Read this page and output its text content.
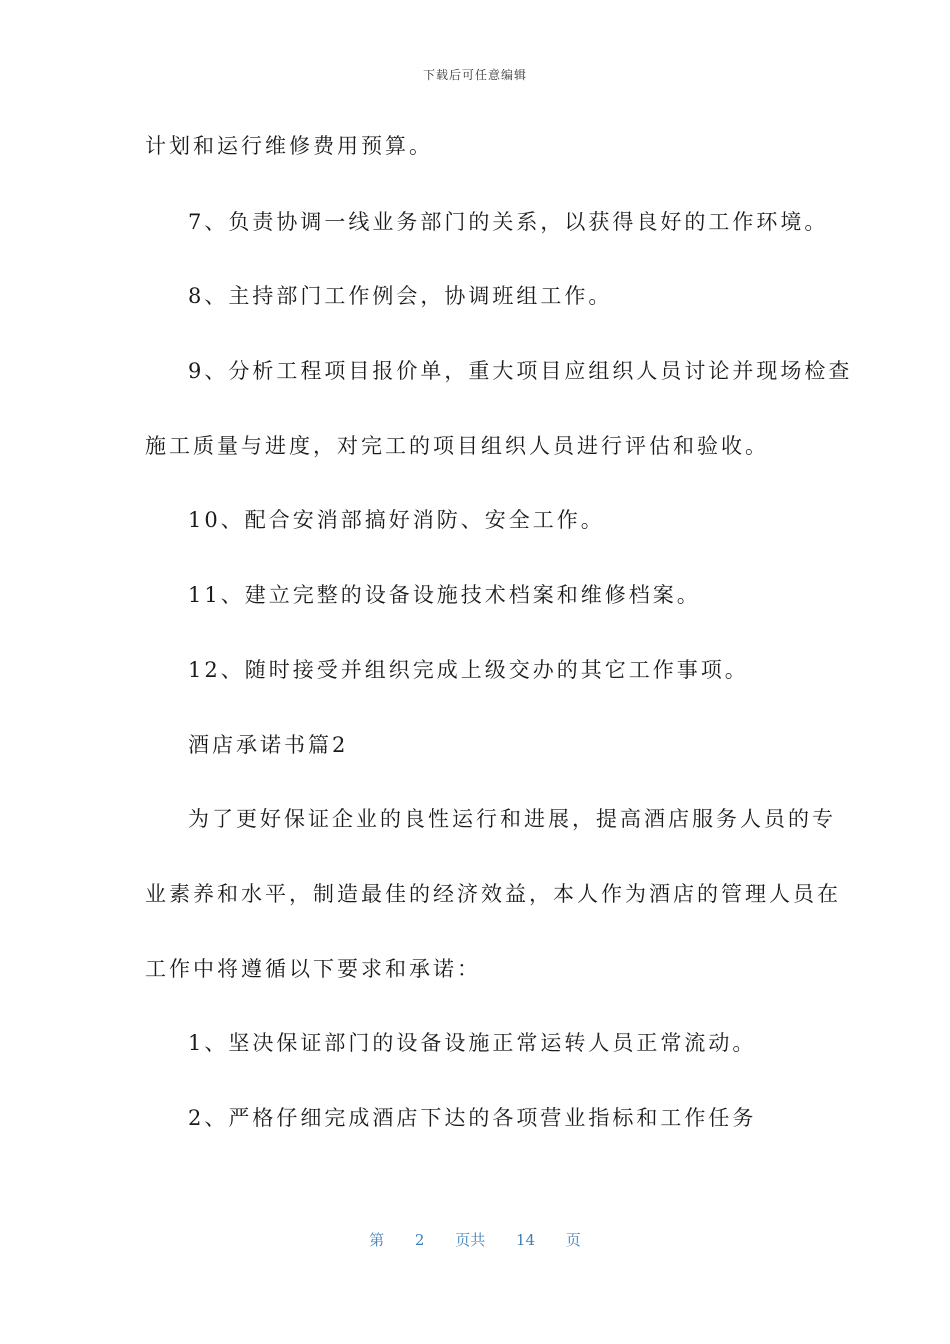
下载后可任意编辑
计划和运行维修费用预算。
7、负责协调一线业务部门的关系，以获得良好的工作环境。
8、主持部门工作例会，协调班组工作。
9、分析工程项目报价单，重大项目应组织人员讨论并现场检查
施工质量与进度，对完工的项目组织人员进行评估和验收。
10、配合安消部搞好消防、安全工作。
11、建立完整的设备设施技术档案和维修档案。
12、随时接受并组织完成上级交办的其它工作事项。
酒店承诺书篇2
为了更好保证企业的良性运行和进展，提高酒店服务人员的专
业素养和水平，制造最佳的经济效益，本人作为酒店的管理人员在
工作中将遵循以下要求和承诺：
1、坚决保证部门的设备设施正常运转人员正常流动。
2、严格仔细完成酒店下达的各项营业指标和工作任务
第 2 页共 14 页
